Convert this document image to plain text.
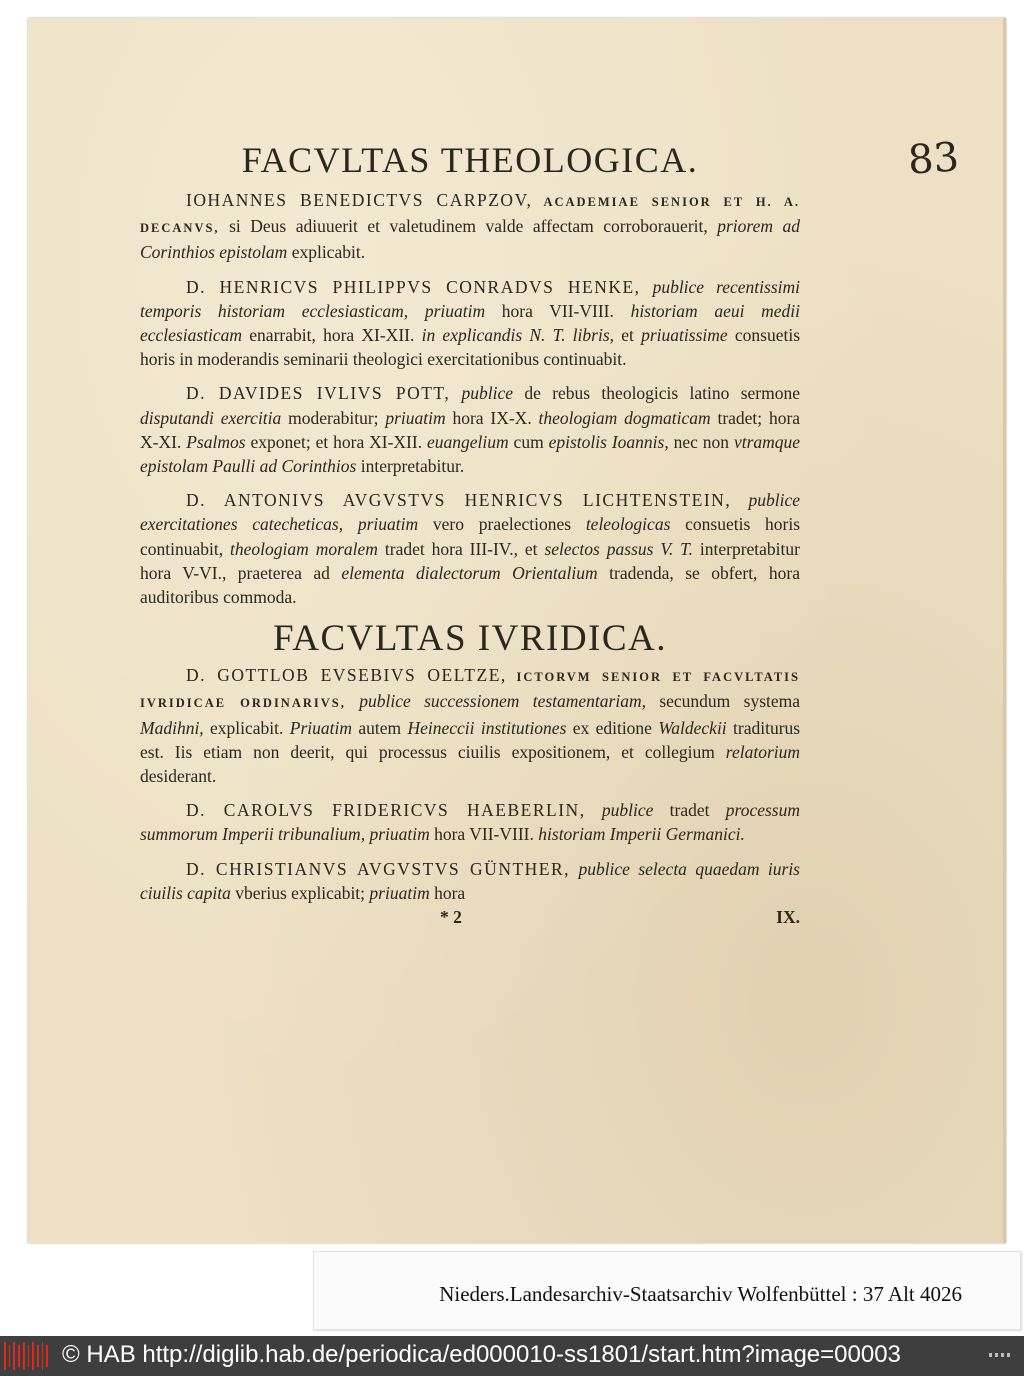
83
FACVLTAS THEOLOGICA.

IOHANNES BENEDICTVS CARPZOV, ACADEMIAE SENIOR ET H. A. DECANVS, si Deus adiuuerit et valetudinem valde affectam corroborauerit, priorem ad Corinthios epistolam explicabit.

D. HENRICVS PHILIPPVS CONRADVS HENKE, publice recentissimi temporis historiam ecclesiasticam, priuatim hora VII-VIII. historiam aeui medii ecclesiasticam enarrabit, hora XI-XII. in explicandis N. T. libris, et priuatissime consuetis horis in moderandis seminarii theologici exercitationibus continuabit.

D. DAVIDES IVLIVS POTT, publice de rebus theologicis latino sermone disputandi exercitia moderabitur; priuatim hora IX-X. theologiam dogmaticam tradet; hora X-XI. Psalmos exponet; et hora XI-XII. euangelium cum epistolis Ioannis, nec non vtramque epistolam Paulli ad Corinthios interpretabitur.

D. ANTONIVS AVGVSTVS HENRICVS LICHTENSTEIN, publice exercitationes catecheticas, priuatim vero praelectiones teleologicas consuetis horis continuabit, theologiam moralem tradet hora III-IV., et selectos passus V. T. interpretabitur hora V-VI., praeterea ad elementa dialectorum Orientalium tradenda, se obfert, hora auditoribus commoda.

FACVLTAS IVRIDICA.

D. GOTTLOB EVSEBIVS OELTZE, ICTORVM SENIOR ET FACVLTATIS IVRIDICAE ORDINARIVS, publice successionem testamentariam, secundum systema Madihni, explicabit. Priuatim autem Heineccii institutiones ex editione Waldeckii traditurus est. Iis etiam non deerit, qui processus ciuilis expositionem, et collegium relatorium desiderant.

D. CAROLVS FRIDERICVS HAEBERLIN, publice tradet processum summorum Imperii tribunalium, priuatim hora VII-VIII. historiam Imperii Germanici.

D. CHRISTIANVS AVGVSTVS GÜNTHER, publice selecta quaedam iuris ciuilis capita vberius explicabit; priuatim hora

* 2	IX.
Nieders.Landesarchiv-Staatsarchiv Wolfenbüttel : 37 Alt 4026
© HAB http://diglib.hab.de/periodica/ed000010-ss1801/start.htm?image=00003
